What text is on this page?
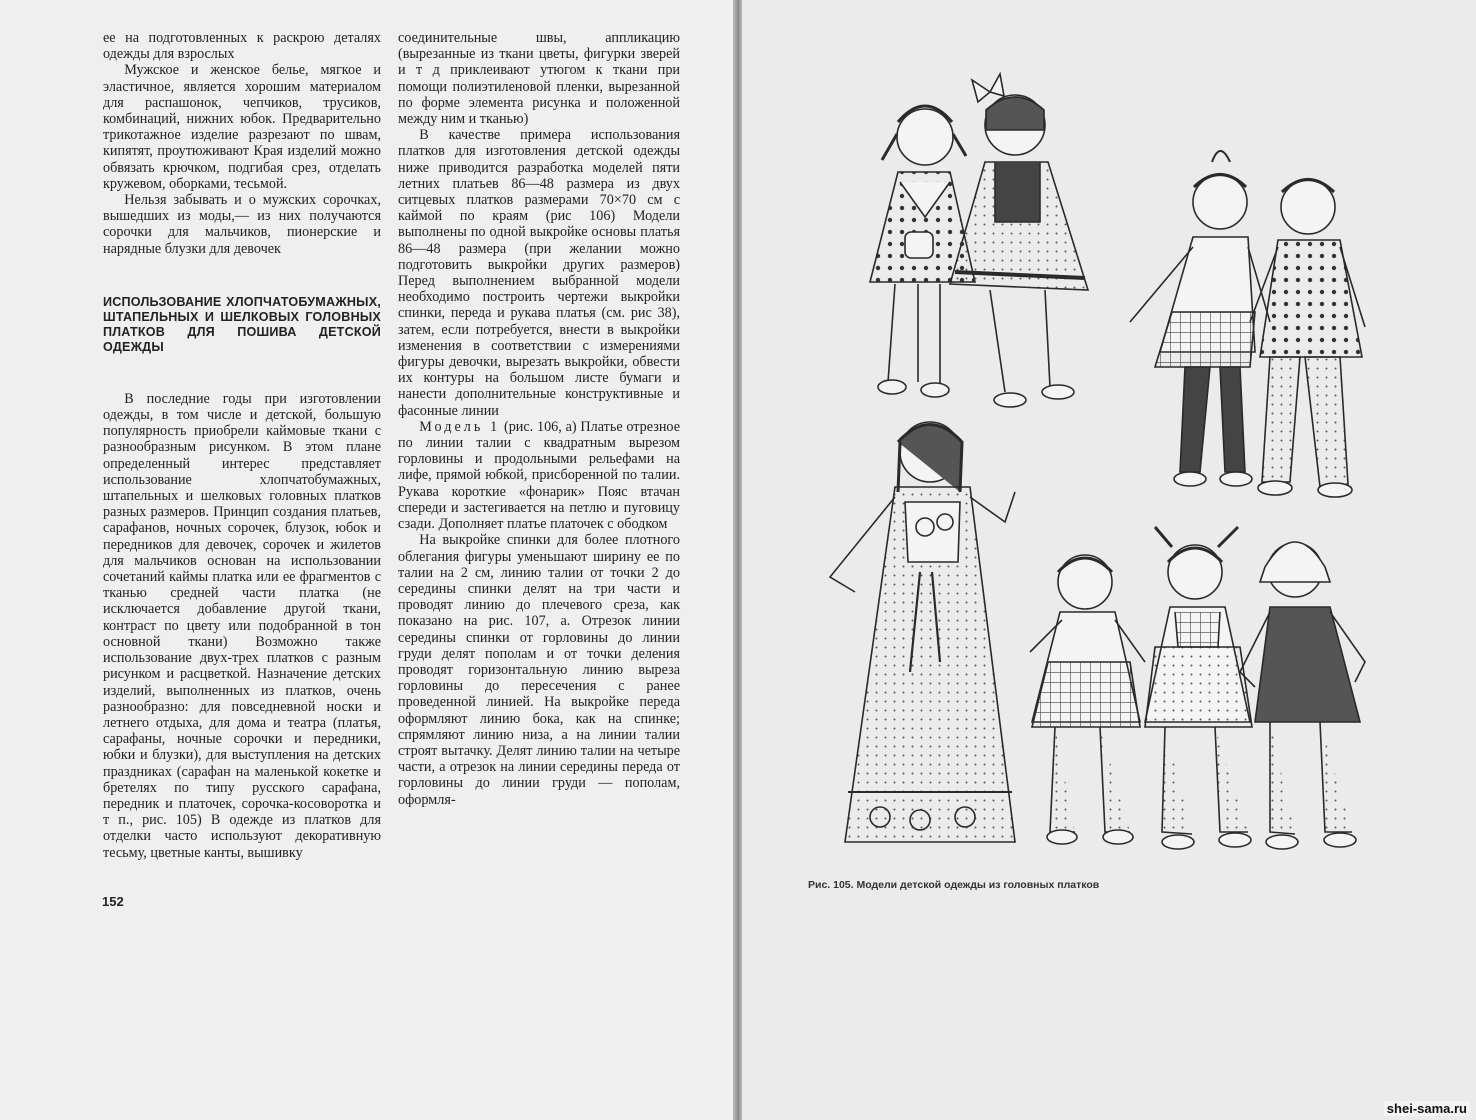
ее на подготовленных к раскрою деталях одежды для взрослых

Мужское и женское белье, мягкое и эластичное, является хорошим материалом для распашонок, чепчиков, трусиков, комбинаций, нижних юбок. Предварительно трикотажное изделие разрезают по швам, кипятят, проутюживают Края изделий можно обвязать крючком, подгибая срез, отделать кружевом, оборками, тесьмой.

Нельзя забывать и о мужских сорочках, вышедших из моды,— из них получаются сорочки для мальчиков, пионерские и нарядные блузки для девочек

ИСПОЛЬЗОВАНИЕ ХЛОПЧАТОБУМАЖНЫХ, ШТАПЕЛЬНЫХ И ШЕЛКОВЫХ ГОЛОВНЫХ ПЛАТКОВ ДЛЯ ПОШИВА ДЕТСКОЙ ОДЕЖДЫ

В последние годы при изготовлении одежды, в том числе и детской, большую популярность приобрели каймовые ткани с разнообразным рисунком. В этом плане определенный интерес представляет использование хлопчатобумажных, штапельных и шелковых головных платков разных размеров. Принцип создания платьев, сарафанов, ночных сорочек, блузок, юбок и передников для девочек, сорочек и жилетов для мальчиков основан на использовании сочетаний каймы платка или ее фрагментов с тканью средней части платка (не исключается добавление другой ткани, контраст по цвету или подобранной в тон основной ткани) Возможно также использование двух-трех платков с разным рисунком и расцветкой. Назначение детских изделий, выполненных из платков, очень разнообразно: для повседневной носки и летнего отдыха, для дома и театра (платья, сарафаны, ночные сорочки и передники, юбки и блузки), для выступления на детских праздниках (сарафан на маленькой кокетке и бретелях по типу русского сарафана, передник и платочек, сорочка-косоворотка и т п., рис. 105) В одежде из платков для отделки часто используют декоративную тесьму, цветные канты, вышивку

соединительные швы, аппликацию (вырезанные из ткани цветы, фигурки зверей и т д приклеивают утюгом к ткани при помощи полиэтиленовой пленки, вырезанной по форме элемента рисунка и положенной между ним и тканью)

В качестве примера использования платков для изготовления детской одежды ниже приводится разработка моделей пяти летних платьев 86—48 размера из двух ситцевых платков размерами 70×70 см с каймой по краям (рис 106) Модели выполнены по одной выкройке основы платья 86—48 размера (при желании можно подготовить выкройки других размеров) Перед выполнением выбранной модели необходимо построить чертежи выкройки спинки, переда и рукава платья (см. рис 38), затем, если потребуется, внести в выкройки изменения в соответствии с измерениями фигуры девочки, вырезать выкройки, обвести их контуры на большом листе бумаги и нанести дополнительные конструктивные и фасонные линии

Модель 1 (рис. 106, а) Платье отрезное по линии талии с квадратным вырезом горловины и продольными рельефами на лифе, прямой юбкой, присборенной по талии. Рукава короткие «фонарик» Пояс втачан спереди и застегивается на петлю и пуговицу сзади. Дополняет платье платочек с ободком

На выкройке спинки для более плотного облегания фигуры уменьшают ширину ее по талии на 2 см, линию талии от точки 2 до середины спинки делят на три части и проводят линию до плечевого среза, как показано на рис. 107, а. Отрезок линии середины спинки от горловины до линии груди делят пополам и от точки деления проводят горизонтальную линию выреза горловины до пересечения с ранее проведенной линией. На выкройке переда оформляют линию бока, как на спинке; спрямляют линию низа, а на линии талии строят вытачку. Делят линию талии на четыре части, а отрезок на линии середины переда от горловины до линии груди — пополам, оформля-

152
Рис. 105. Модели детской одежды из головных платков
shei-sama.ru
